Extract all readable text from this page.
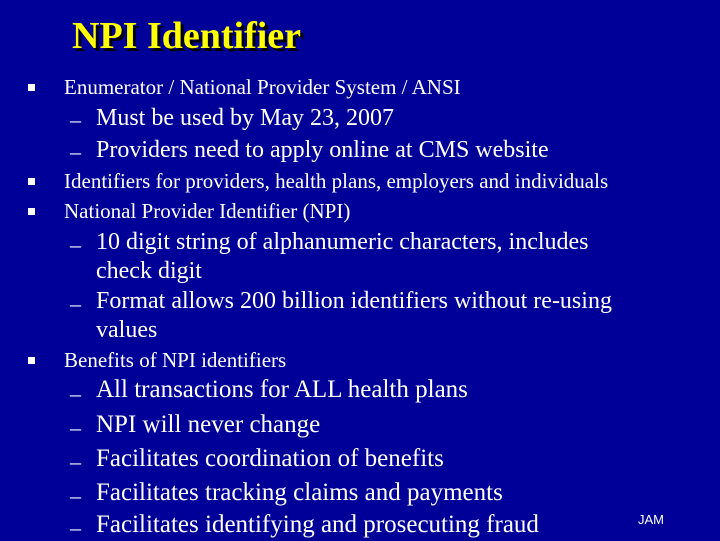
NPI Identifier
Enumerator / National Provider System / ANSI
– Must be used by May 23, 2007
– Providers need to apply online at CMS website
Identifiers for providers, health plans, employers and individuals
National Provider Identifier (NPI)
– 10 digit string of alphanumeric characters, includes
check digit
– Format allows 200 billion identifiers without re-using
values
Benefits of NPI identifiers
– All transactions for ALL health plans
– NPI will never change
– Facilitates coordination of benefits
– Facilitates tracking claims and payments
– Facilitates identifying and prosecuting fraud	JAM
